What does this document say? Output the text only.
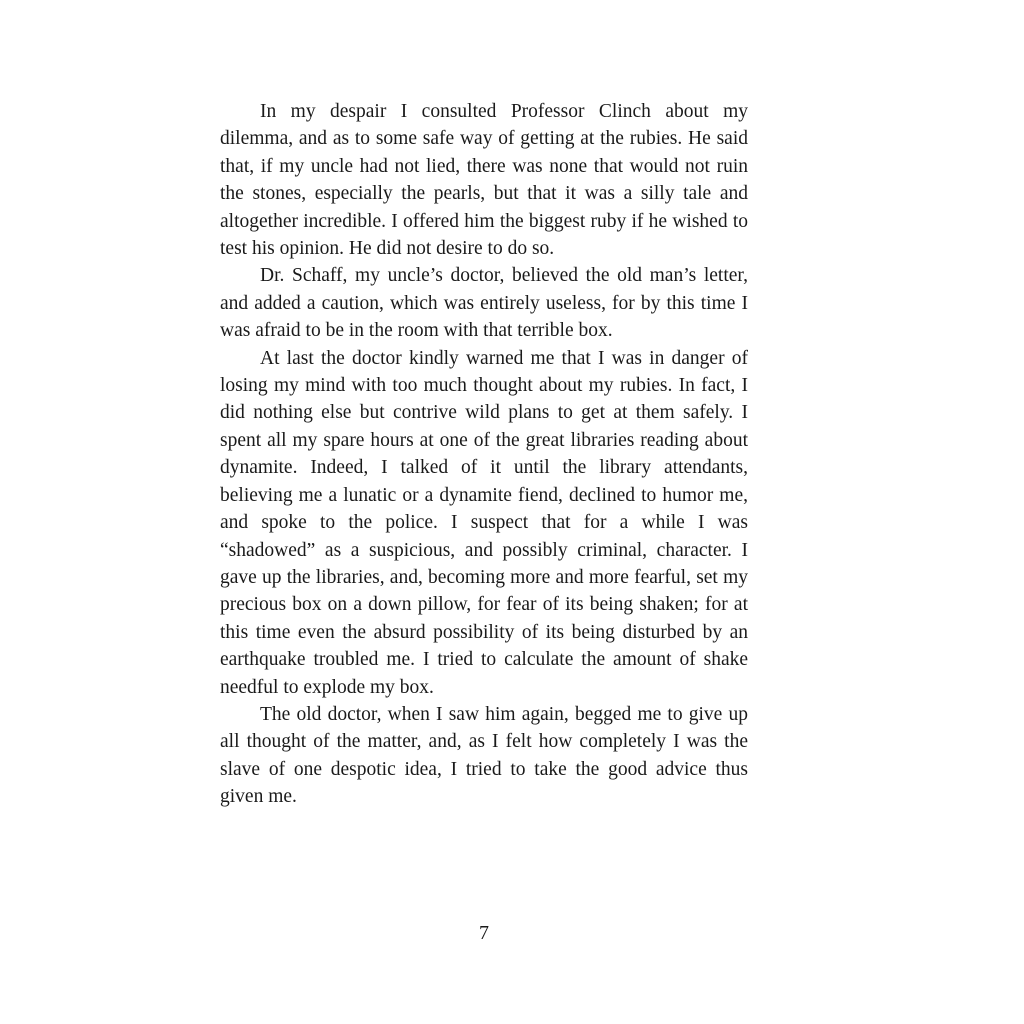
In my despair I consulted Professor Clinch about my dilemma, and as to some safe way of getting at the rubies. He said that, if my uncle had not lied, there was none that would not ruin the stones, especially the pearls, but that it was a silly tale and altogether incredible. I offered him the biggest ruby if he wished to test his opinion. He did not desire to do so.

Dr. Schaff, my uncle’s doctor, believed the old man’s letter, and added a caution, which was entirely useless, for by this time I was afraid to be in the room with that terrible box.

At last the doctor kindly warned me that I was in danger of losing my mind with too much thought about my rubies. In fact, I did nothing else but contrive wild plans to get at them safely. I spent all my spare hours at one of the great libraries reading about dynamite. Indeed, I talked of it until the library attendants, believing me a lunatic or a dynamite fiend, declined to humor me, and spoke to the police. I suspect that for a while I was “shadowed” as a suspicious, and possibly criminal, character. I gave up the libraries, and, becoming more and more fearful, set my precious box on a down pillow, for fear of its being shaken; for at this time even the absurd possibility of its being disturbed by an earthquake troubled me. I tried to calculate the amount of shake needful to explode my box.

The old doctor, when I saw him again, begged me to give up all thought of the matter, and, as I felt how completely I was the slave of one despotic idea, I tried to take the good advice thus given me.

7
